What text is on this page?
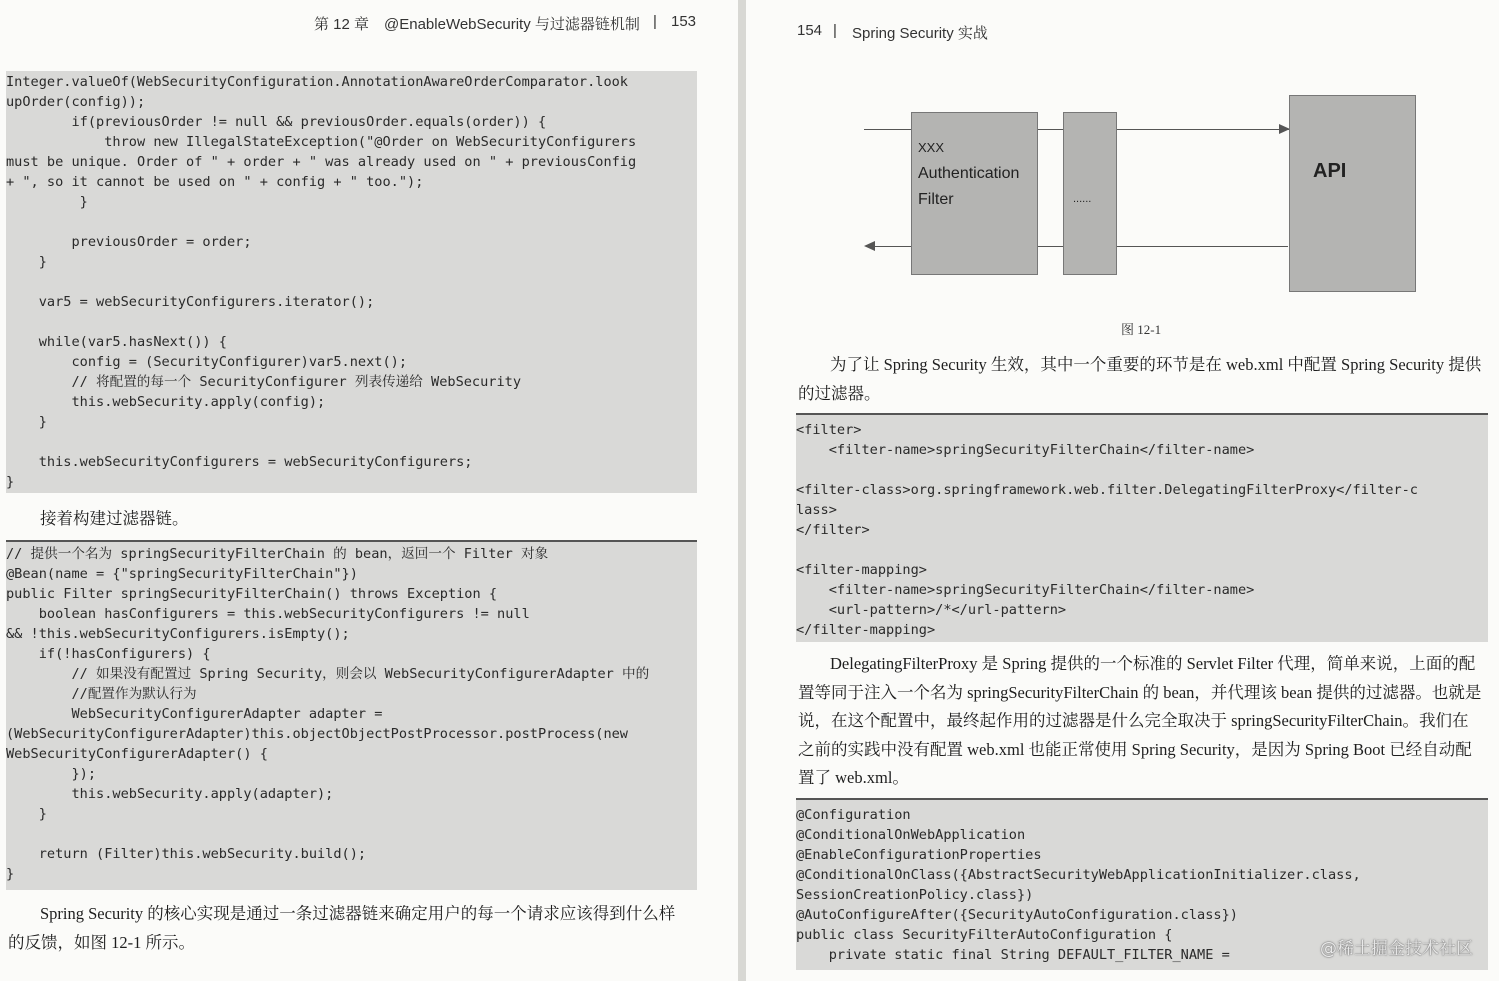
第 12 章　@EnableWebSecurity 与过滤器链机制 | 153
Integer.valueOf(WebSecurityConfiguration.AnnotationAwareOrderComparator.look
upOrder(config));
if(previousOrder != null && previousOrder.equals(order)) {
throw new IllegalStateException("@Order on WebSecurityConfigurers
must be unique. Order of " + order + " was already used on " + previousConfig
+ ", so it cannot be used on " + config + " too.");
}
previousOrder = order;
}
var5 = webSecurityConfigurers.iterator();
while(var5.hasNext()) {
config = (SecurityConfigurer)var5.next();
// 将配置的每一个 SecurityConfigurer 列表传递给 WebSecurity
this.webSecurity.apply(config);
}
this.webSecurityConfigurers = webSecurityConfigurers;
}
接着构建过滤器链。
// 提供一个名为 springSecurityFilterChain 的 bean，返回一个 Filter 对象
@Bean(name = {"springSecurityFilterChain"})
public Filter springSecurityFilterChain() throws Exception {
boolean hasConfigurers = this.webSecurityConfigurers != null
&& !this.webSecurityConfigurers.isEmpty();
if(!hasConfigurers) {
// 如果没有配置过 Spring Security，则会以 WebSecurityConfigurerAdapter 中的
//配置作为默认行为
WebSecurityConfigurerAdapter adapter =
(WebSecurityConfigurerAdapter)this.objectObjectPostProcessor.postProcess(new
WebSecurityConfigurerAdapter() {
});
this.webSecurity.apply(adapter);
}
return (Filter)this.webSecurity.build();
}
Spring Security 的核心实现是通过一条过滤器链来确定用户的每一个请求应该得到什么样
的反馈，如图 12-1 所示。
154 | Spring Security 实战
XXX
Authentication
Filter	......
API
图 12-1
为了让 Spring Security 生效，其中一个重要的环节是在 web.xml 中配置 Spring Security 提供
的过滤器。
<filter>
<filter-name>springSecurityFilterChain</filter-name>
<filter-class>org.springframework.web.filter.DelegatingFilterProxy</filter-c
lass>
</filter>
<filter-mapping>
<filter-name>springSecurityFilterChain</filter-name>
<url-pattern>/*</url-pattern>
</filter-mapping>
DelegatingFilterProxy 是 Spring 提供的一个标准的 Servlet Filter 代理，简单来说，上面的配
置等同于注入一个名为 springSecurityFilterChain 的 bean，并代理该 bean 提供的过滤器。也就是
说，在这个配置中，最终起作用的过滤器是什么完全取决于 springSecurityFilterChain。我们在
之前的实践中没有配置 web.xml 也能正常使用 Spring Security，是因为 Spring Boot 已经自动配
置了 web.xml。
@Configuration
@ConditionalOnWebApplication
@EnableConfigurationProperties
@ConditionalOnClass({AbstractSecurityWebApplicationInitializer.class,
SessionCreationPolicy.class})
@AutoConfigureAfter({SecurityAutoConfiguration.class})
public class SecurityFilterAutoConfiguration {
private static final String DEFAULT_FILTER_NAME =	@稀土掘金技术社区
